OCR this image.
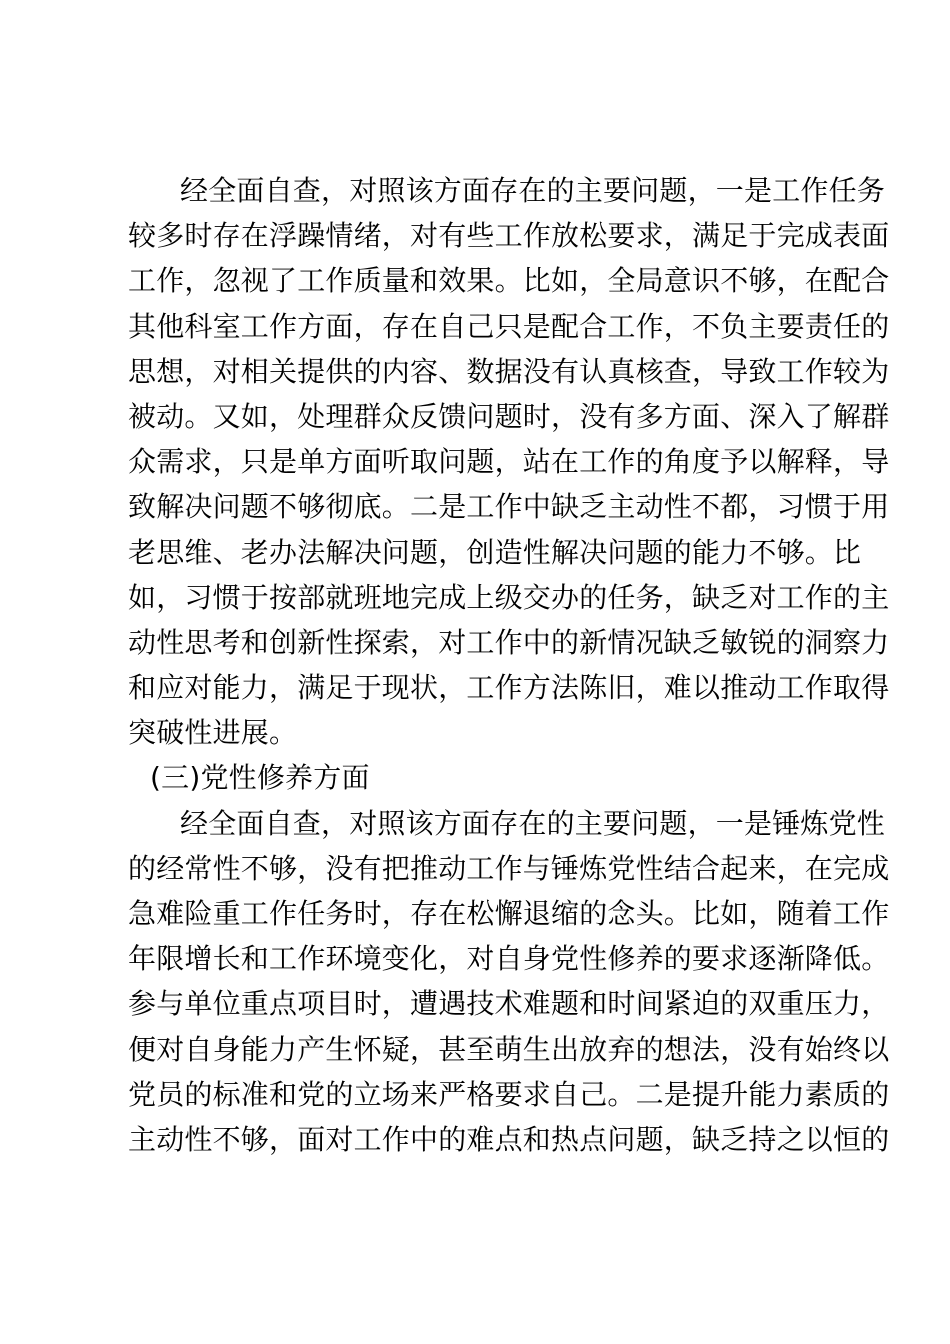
经全面自查，对照该方面存在的主要问题，一是工作任务
较多时存在浮躁情绪，对有些工作放松要求，满足于完成表面
工作，忽视了工作质量和效果。比如，全局意识不够，在配合
其他科室工作方面，存在自己只是配合工作，不负主要责任的
思想，对相关提供的内容、数据没有认真核查，导致工作较为
被动。又如，处理群众反馈问题时，没有多方面、深入了解群
众需求，只是单方面听取问题，站在工作的角度予以解释，导
致解决问题不够彻底。二是工作中缺乏主动性不都，习惯于用
老思维、老办法解决问题，创造性解决问题的能力不够。比
如，习惯于按部就班地完成上级交办的任务，缺乏对工作的主
动性思考和创新性探索，对工作中的新情况缺乏敏锐的洞察力
和应对能力，满足于现状，工作方法陈旧，难以推动工作取得
突破性进展。
(三)党性修养方面
经全面自查，对照该方面存在的主要问题，一是锤炼党性
的经常性不够，没有把推动工作与锤炼党性结合起来，在完成
急难险重工作任务时，存在松懈退缩的念头。比如，随着工作
年限增长和工作环境变化，对自身党性修养的要求逐渐降低。
参与单位重点项目时，遭遇技术难题和时间紧迫的双重压力，
便对自身能力产生怀疑，甚至萌生出放弃的想法，没有始终以
党员的标准和党的立场来严格要求自己。二是提升能力素质的
主动性不够，面对工作中的难点和热点问题，缺乏持之以恒的
